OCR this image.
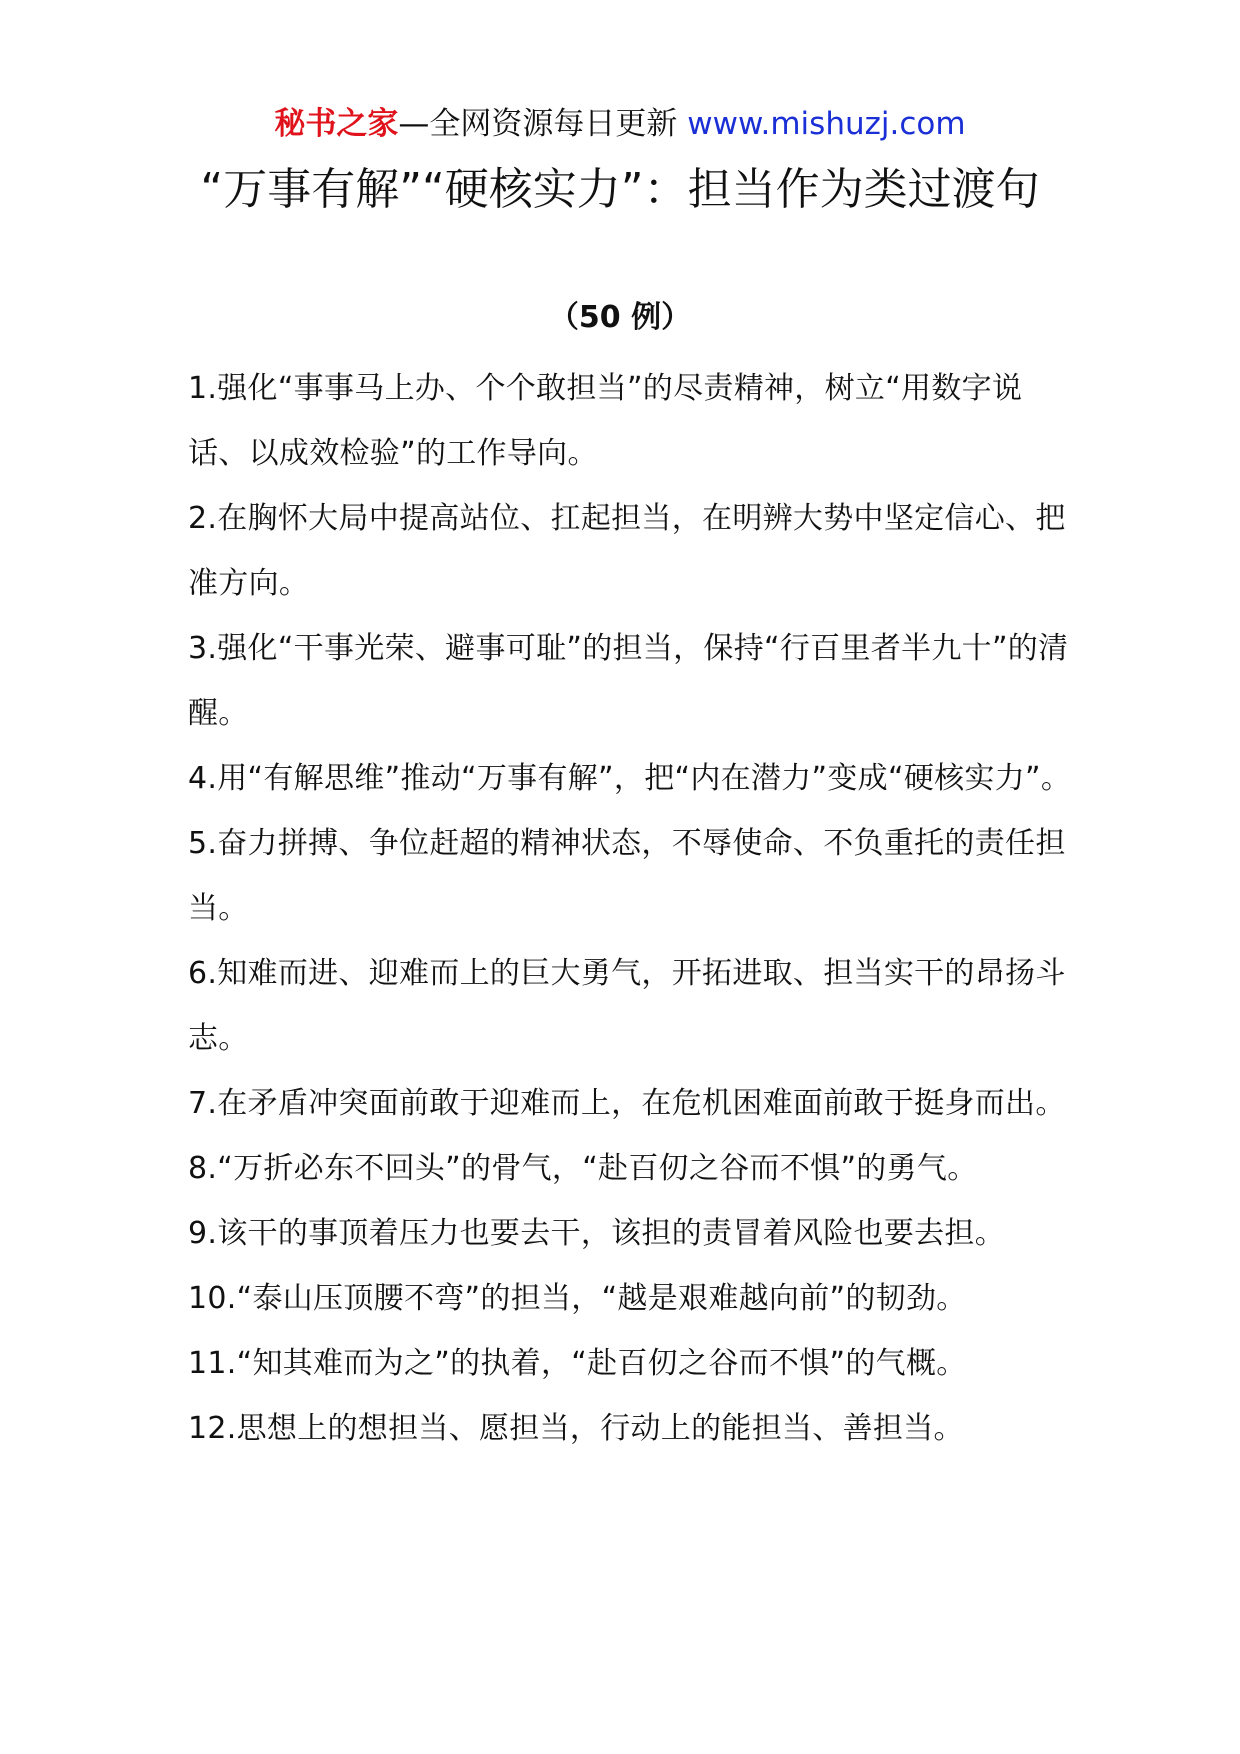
秘书之家—全网资源每日更新 www.mishuzj.com
“万事有解”“硬核实力”：担当作为类过渡句
（50 例）
1.强化“事事马上办、个个敢担当”的尽责精神，树立“用数字说话、以成效检验”的工作导向。
2.在胸怀大局中提高站位、扛起担当，在明辨大势中坚定信心、把准方向。
3.强化“干事光荣、避事可耻”的担当，保持“行百里者半九十”的清醒。
4.用“有解思维”推动“万事有解”，把“内在潜力”变成“硬核实力”。
5.奋力拼搏、争位赶超的精神状态，不辱使命、不负重托的责任担当。
6.知难而进、迎难而上的巨大勇气，开拓进取、担当实干的昂扬斗志。
7.在矛盾冲突面前敢于迎难而上，在危机困难面前敢于挺身而出。
8.“万折必东不回头”的骨气，“赴百仞之谷而不惧”的勇气。
9.该干的事顶着压力也要去干，该担的责冒着风险也要去担。
10.“泰山压顶腰不弯”的担当，“越是艰难越向前”的韧劲。
11.“知其难而为之”的执着，“赴百仞之谷而不惧”的气概。
12.思想上的想担当、愿担当，行动上的能担当、善担当。
